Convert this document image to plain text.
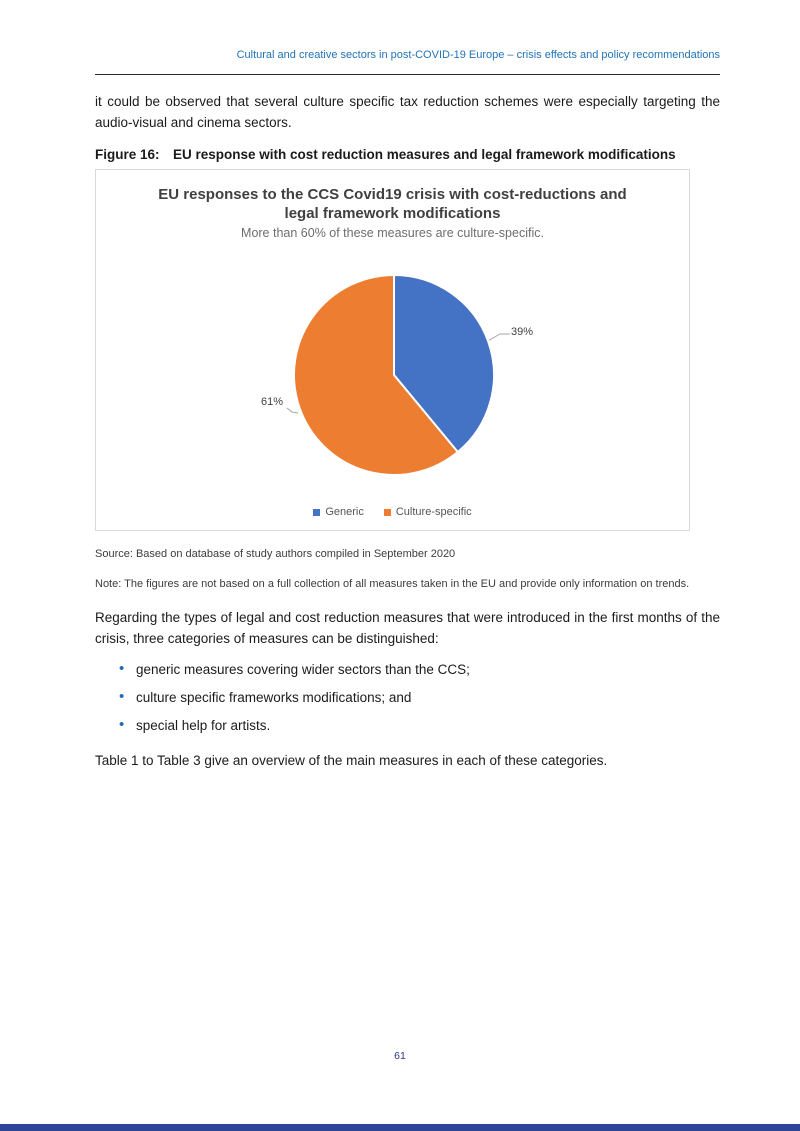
Cultural and creative sectors in post-COVID-19 Europe – crisis effects and policy recommendations

it could be observed that several culture specific tax reduction schemes were especially targeting the audio-visual and cinema sectors.

Figure 16: EU response with cost reduction measures and legal framework modifications
EU responses to the CCS Covid19 crisis with cost-reductions and legal framework modifications
More than 60% of these measures are culture-specific.
39%
61%
Generic	Culture-specific

Source: Based on database of study authors compiled in September 2020

Note: The figures are not based on a full collection of all measures taken in the EU and provide only information on trends.

Regarding the types of legal and cost reduction measures that were introduced in the first months of the crisis, three categories of measures can be distinguished:

• generic measures covering wider sectors than the CCS;
• culture specific frameworks modifications; and
• special help for artists.

Table 1 to Table 3 give an overview of the main measures in each of these categories.

61
